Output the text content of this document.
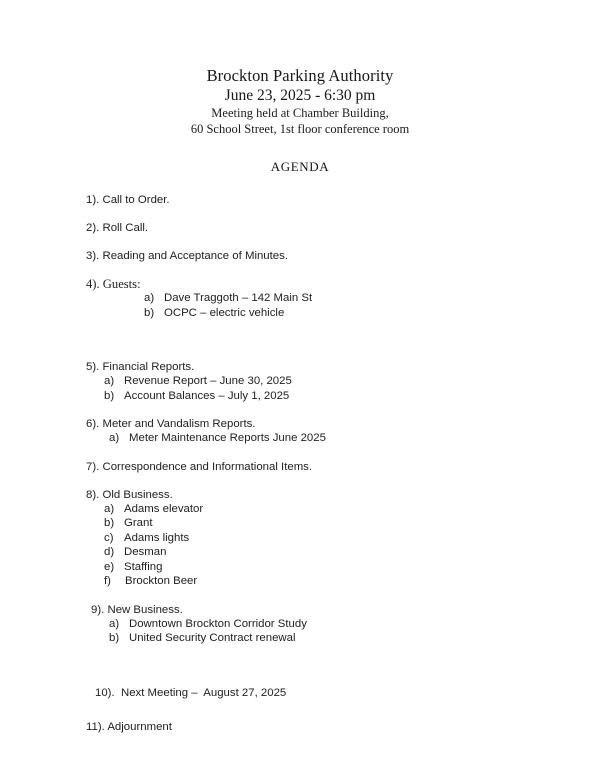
Brockton Parking Authority
June 23, 2025 - 6:30 pm
Meeting held at Chamber Building,
60 School Street, 1st floor conference room
AGENDA
1). Call to Order.
2). Roll Call.
3). Reading and Acceptance of Minutes.
4). Guests:
a) Dave Traggoth – 142 Main St
b) OCPC – electric vehicle
5). Financial Reports.
a) Revenue Report – June 30, 2025
b) Account Balances – July 1, 2025
6). Meter and Vandalism Reports.
a) Meter Maintenance Reports June 2025
7). Correspondence and Informational Items.
8). Old Business.
a) Adams elevator
b) Grant
c) Adams lights
d) Desman
e) Staffing
f)	Brockton Beer
9). New Business.
a) Downtown Brockton Corridor Study
b) United Security Contract renewal
10).  Next Meeting –  August 27, 2025
11). Adjournment
